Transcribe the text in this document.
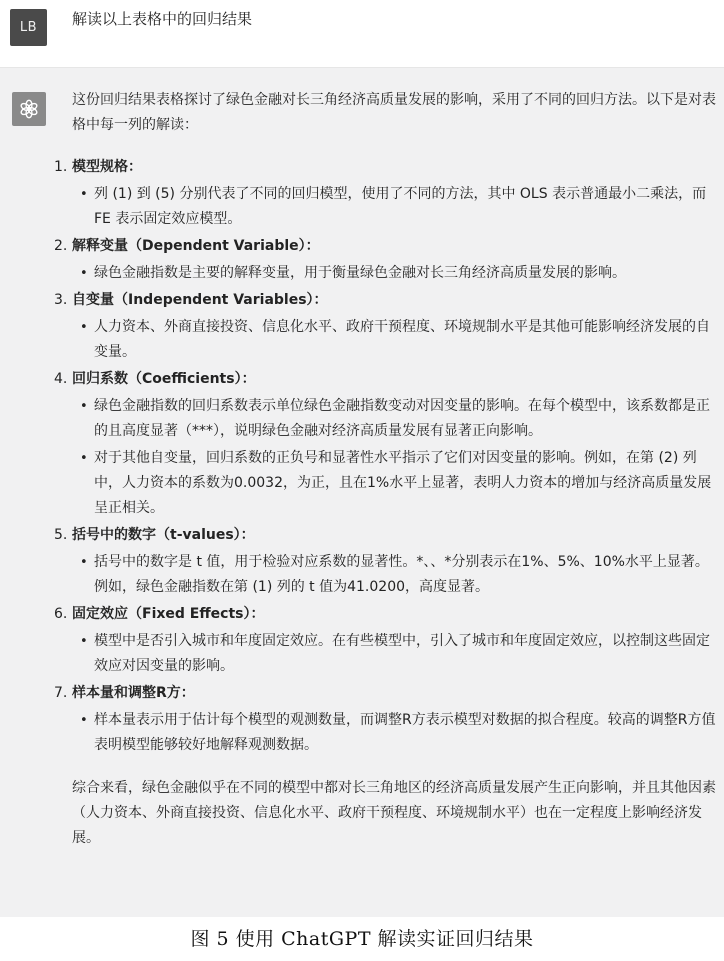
LB	解读以上表格中的回归结果

这份回归结果表格探讨了绿色金融对长三角经济高质量发展的影响，采用了不同的回归方法。以下是对表格中每一列的解读：

1. 模型规格：
• 列 (1) 到 (5) 分别代表了不同的回归模型，使用了不同的方法，其中 OLS 表示普通最小二乘法，而 FE 表示固定效应模型。
2. 解释变量（Dependent Variable）：
• 绿色金融指数是主要的解释变量，用于衡量绿色金融对长三角经济高质量发展的影响。
3. 自变量（Independent Variables）：
• 人力资本、外商直接投资、信息化水平、政府干预程度、环境规制水平是其他可能影响经济发展的自变量。
4. 回归系数（Coefficients）：
• 绿色金融指数的回归系数表示单位绿色金融指数变动对因变量的影响。在每个模型中，该系数都是正的且高度显著（***），说明绿色金融对经济高质量发展有显著正向影响。
• 对于其他自变量，回归系数的正负号和显著性水平指示了它们对因变量的影响。例如，在第 (2) 列中，人力资本的系数为0.0032，为正，且在1%水平上显著，表明人力资本的增加与经济高质量发展呈正相关。
5. 括号中的数字（t-values）：
• 括号中的数字是 t 值，用于检验对应系数的显著性。*、、*分别表示在1%、5%、10%水平上显著。例如，绿色金融指数在第 (1) 列的 t 值为41.0200，高度显著。
6. 固定效应（Fixed Effects）：
• 模型中是否引入城市和年度固定效应。在有些模型中，引入了城市和年度固定效应，以控制这些固定效应对因变量的影响。
7. 样本量和调整R方：
• 样本量表示用于估计每个模型的观测数量，而调整R方表示模型对数据的拟合程度。较高的调整R方值表明模型能够较好地解释观测数据。

综合来看，绿色金融似乎在不同的模型中都对长三角地区的经济高质量发展产生正向影响，并且其他因素（人力资本、外商直接投资、信息化水平、政府干预程度、环境规制水平）也在一定程度上影响经济发展。

图 5 使用 ChatGPT 解读实证回归结果
